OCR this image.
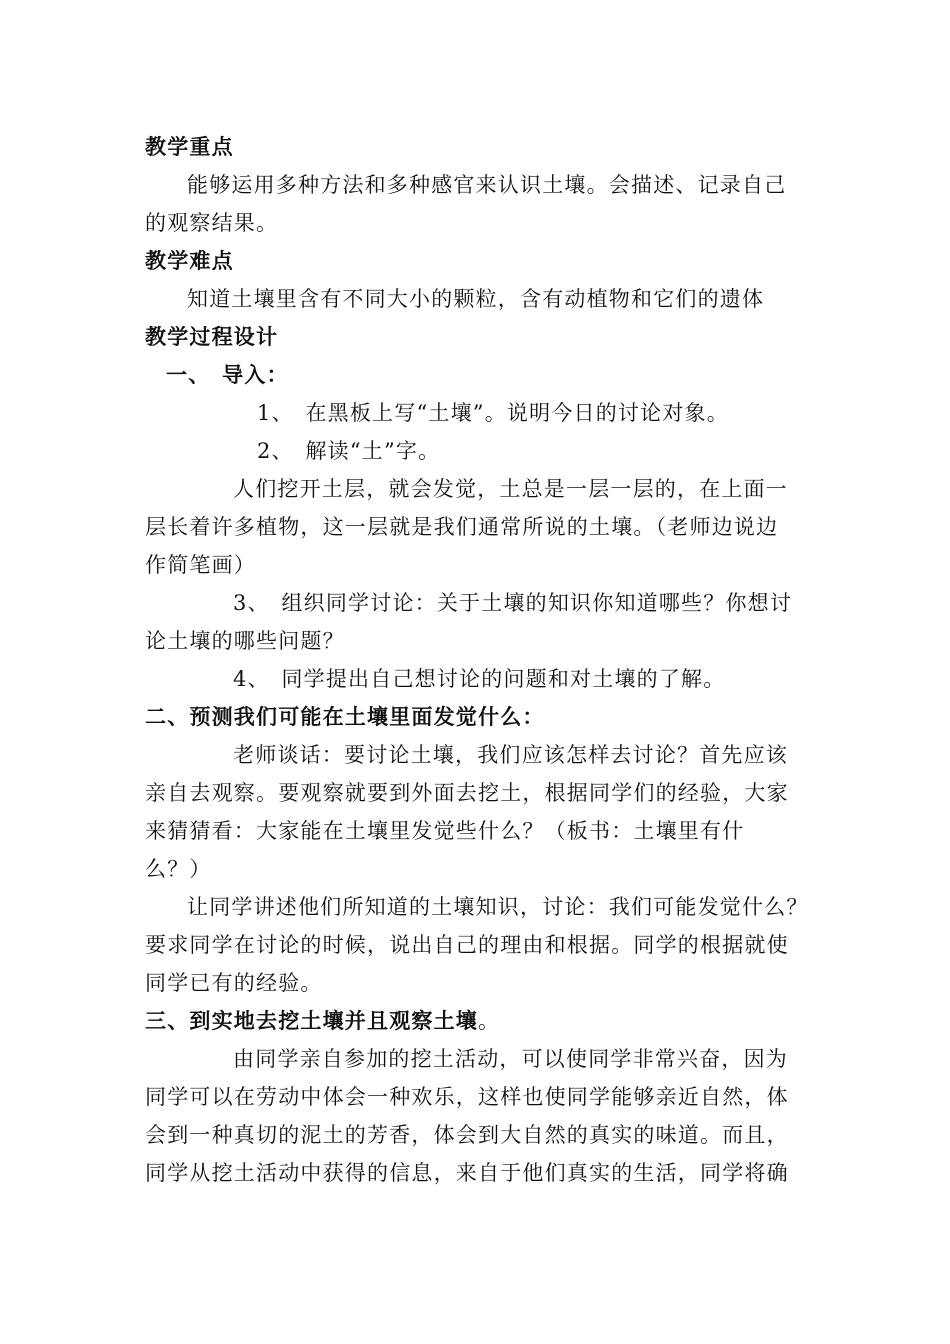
教学重点
能够运用多种方法和多种感官来认识土壤。会描述、记录自己
的观察结果。
教学难点
知道土壤里含有不同大小的颗粒，含有动植物和它们的遗体
教学过程设计
一、　导入：
1、　在黑板上写“土壤”。说明今日的讨论对象。
2、　解读“土”字。
人们挖开土层，就会发觉，土总是一层一层的，在上面一
层长着许多植物，这一层就是我们通常所说的土壤。（老师边说边
作简笔画）
3、　组织同学讨论：关于土壤的知识你知道哪些？你想讨
论土壤的哪些问题？
4、　同学提出自己想讨论的问题和对土壤的了解。
二、预测我们可能在土壤里面发觉什么：
老师谈话：要讨论土壤，我们应该怎样去讨论？首先应该
亲自去观察。要观察就要到外面去挖土，根据同学们的经验，大家
来猜猜看：大家能在土壤里发觉些什么？（板书：土壤里有什
么？）
让同学讲述他们所知道的土壤知识，讨论：我们可能发觉什么？
要求同学在讨论的时候，说出自己的理由和根据。同学的根据就使
同学已有的经验。
三、到实地去挖土壤并且观察土壤。
由同学亲自参加的挖土活动，可以使同学非常兴奋，因为
同学可以在劳动中体会一种欢乐，这样也使同学能够亲近自然，体
会到一种真切的泥土的芳香，体会到大自然的真实的味道。而且，
同学从挖土活动中获得的信息，来自于他们真实的生活，同学将确
